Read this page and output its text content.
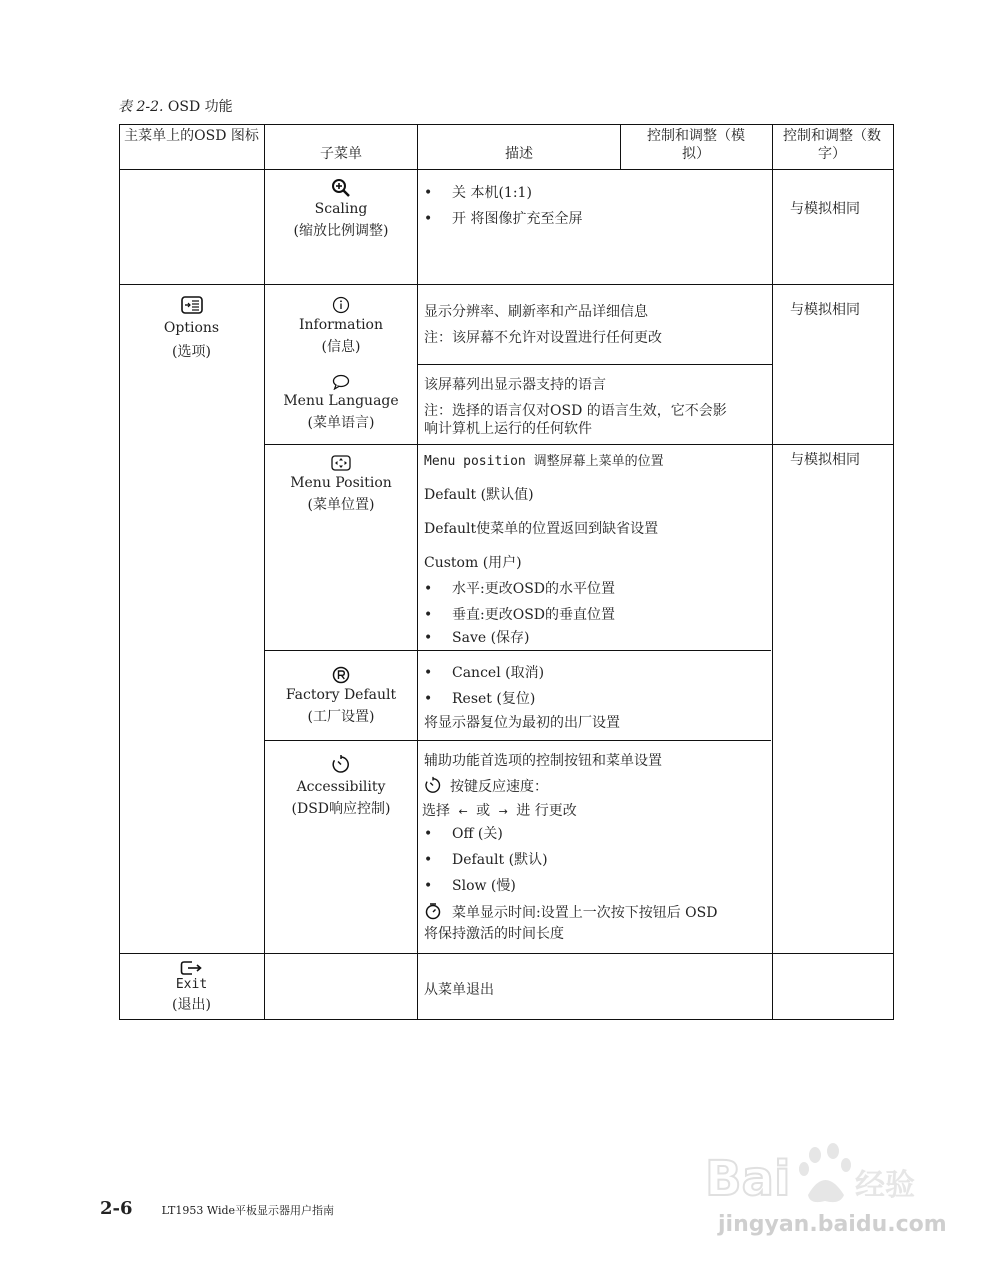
表 2-2. OSD 功能
主菜单上的OSD 图标
子菜单	描述
控制和调整（模拟）
控制和调整（数字）
Scaling
(缩放比例调整)
• 关 本机(1:1)
• 开 将图像扩充至全屏
与模拟相同
Options
(选项)
Information
(信息)
显示分辨率、刷新率和产品详细信息
注：该屏幕不允许对设置进行任何更改
与模拟相同
Menu Language
(菜单语言)
该屏幕列出显示器支持的语言
注：选择的语言仅对OSD 的语言生效，它不会影
响计算机上运行的任何软件
Menu Position
(菜单位置)
Menu position 调整屏幕上菜单的位置
Default (默认值)
Default使菜单的位置返回到缺省设置
Custom (用户)
• 水平:更改OSD的水平位置
• 垂直:更改OSD的垂直位置
• Save (保存)
与模拟相同
Factory Default
(工厂设置)
• Cancel (取消)
• Reset (复位)
将显示器复位为最初的出厂设置
Accessibility
(DSD响应控制)
辅助功能首选项的控制按钮和菜单设置
按键反应速度：
选择 ← 或 → 进 行更改
• Off (关)
• Default (默认)
• Slow (慢)
菜单显示时间:设置上一次按下按钮后 OSD
将保持激活的时间长度
Exit
(退出)
从菜单退出
2-6	LT1953 Wide平板显示器用户指南
Bai 经验
jingyan.baidu.com
